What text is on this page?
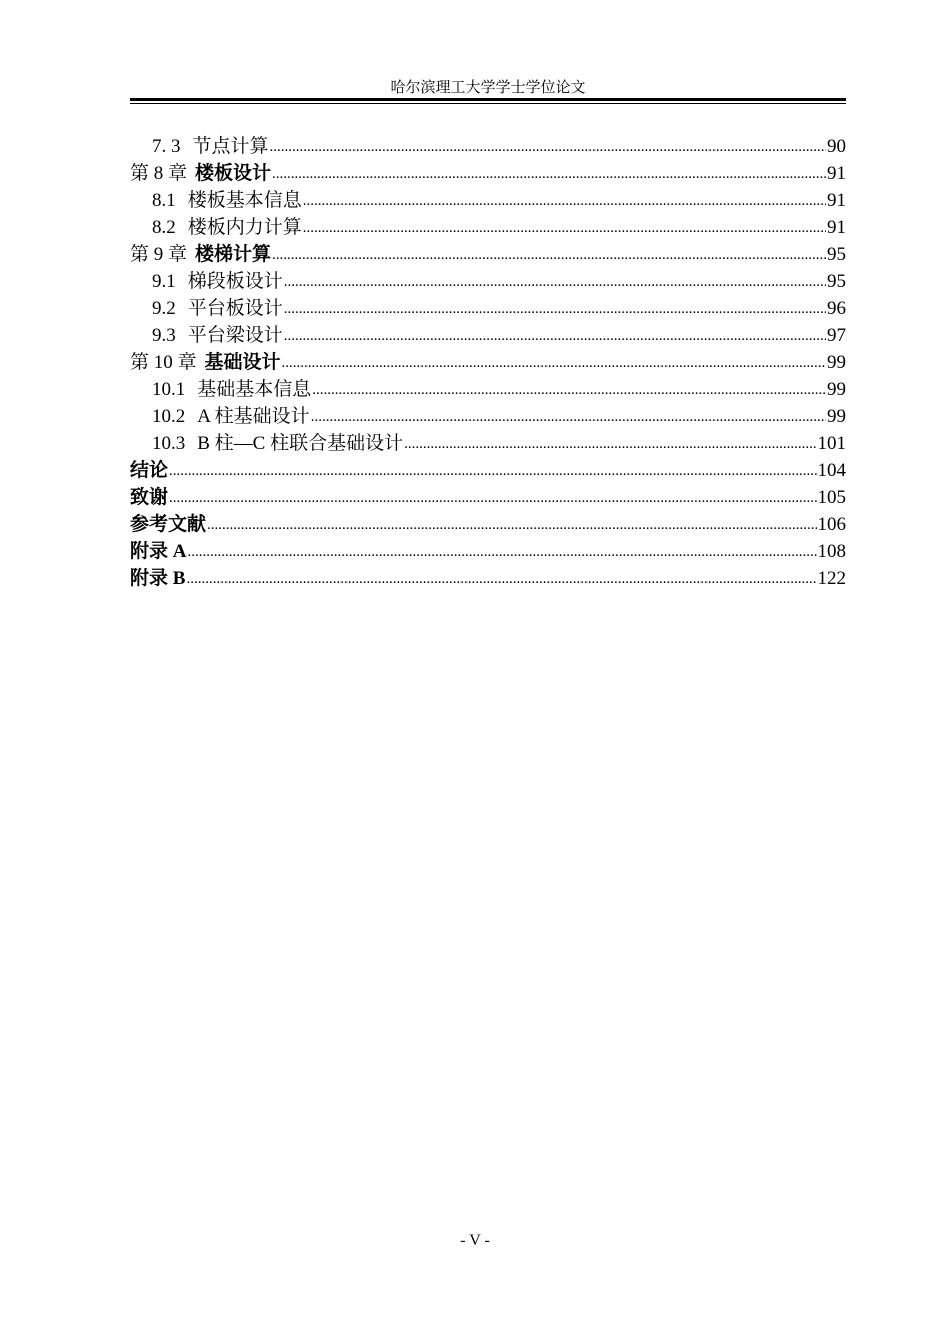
哈尔滨理工大学学士学位论文
7. 3 节点计算 .....	90
第 8 章 楼板设计 .....	91
8.1 楼板基本信息 .....	91
8.2 楼板内力计算 .....	91
第 9 章 楼梯计算 .....	95
9.1 梯段板设计 .....	95
9.2 平台板设计 .....	96
9.3 平台梁设计 .....	97
第 10 章 基础设计 .....	99
10.1 基础基本信息 .....	99
10.2 A 柱基础设计 .....	99
10.3 B 柱—C 柱联合基础设计 .....	101
结论 .....	104
致谢 .....	105
参考文献 .....	106
附录 A .....	108
附录 B .....	122
- V -
